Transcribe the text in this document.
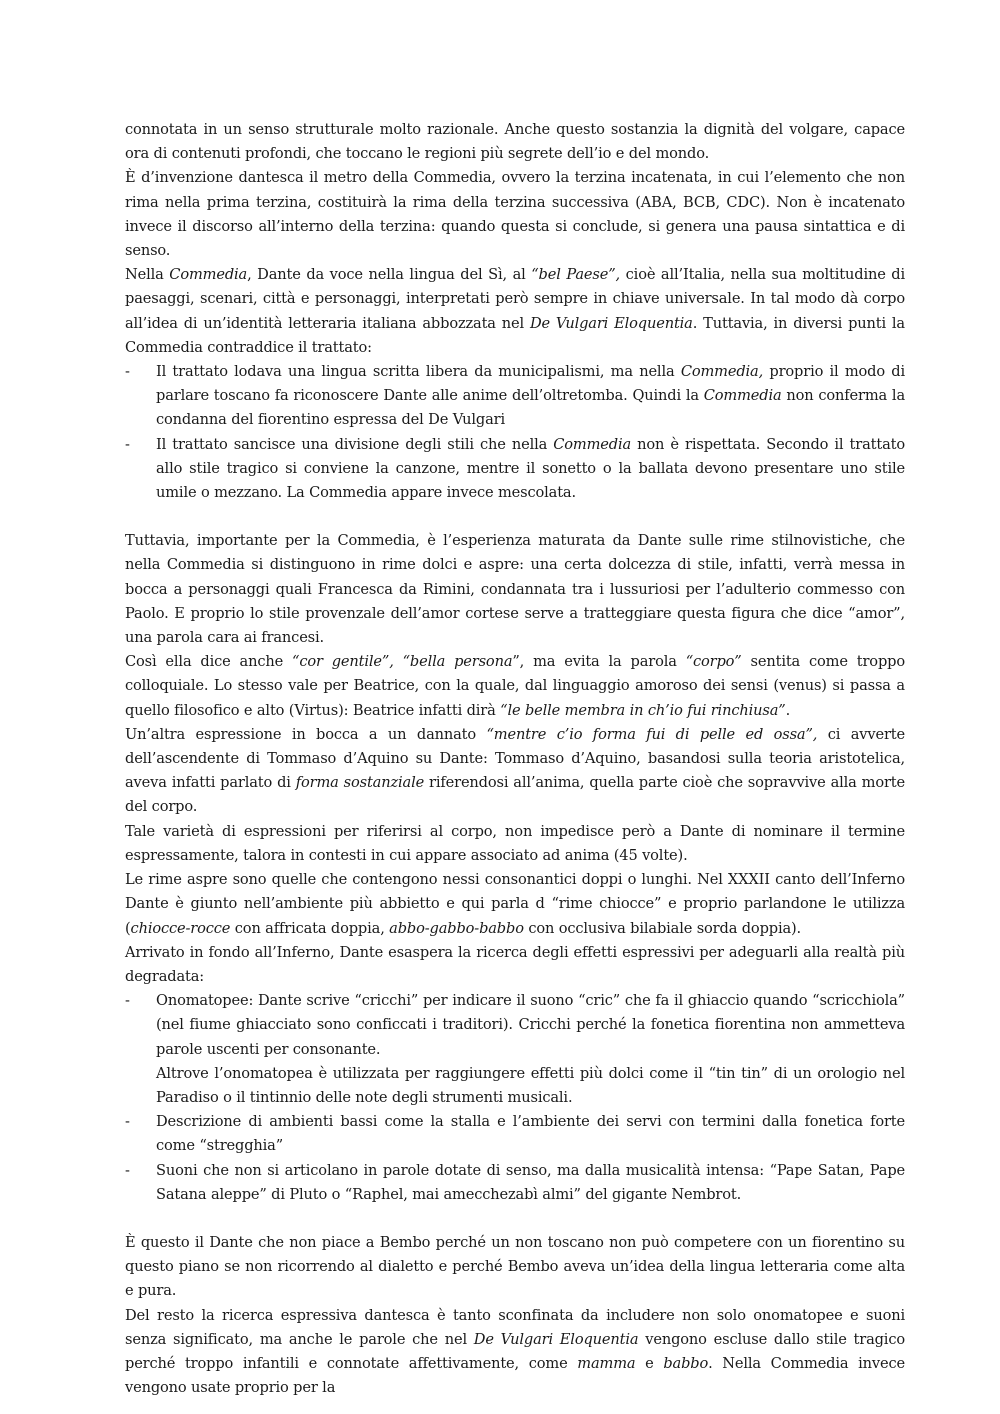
connotata in un senso strutturale molto razionale. Anche questo sostanzia la dignità del volgare, capace ora di contenuti profondi, che toccano le regioni più segrete dell’io e del mondo.

È d’invenzione dantesca il metro della Commedia, ovvero la terzina incatenata, in cui l’elemento che non rima nella prima terzina, costituirà la rima della terzina successiva (ABA, BCB, CDC). Non è incatenato invece il discorso all’interno della terzina: quando questa si conclude, si genera una pausa sintattica e di senso.

Nella Commedia, Dante da voce nella lingua del Sì, al “bel Paese”, cioè all’Italia, nella sua moltitudine di paesaggi, scenari, città e personaggi, interpretati però sempre in chiave universale. In tal modo dà corpo all’idea di un’identità letteraria italiana abbozzata nel De Vulgari Eloquentia. Tuttavia, in diversi punti la Commedia contraddice il trattato:

- Il trattato lodava una lingua scritta libera da municipalismi, ma nella Commedia, proprio il modo di parlare toscano fa riconoscere Dante alle anime dell’oltretomba. Quindi la Commedia non conferma la condanna del fiorentino espressa del De Vulgari
- Il trattato sancisce una divisione degli stili che nella Commedia non è rispettata. Secondo il trattato allo stile tragico si conviene la canzone, mentre il sonetto o la ballata devono presentare uno stile umile o mezzano. La Commedia appare invece mescolata.

Tuttavia, importante per la Commedia, è l’esperienza maturata da Dante sulle rime stilnovistiche, che nella Commedia si distinguono in rime dolci e aspre: una certa dolcezza di stile, infatti, verrà messa in bocca a personaggi quali Francesca da Rimini, condannata tra i lussuriosi per l’adulterio commesso con Paolo. E proprio lo stile provenzale dell’amor cortese serve a tratteggiare questa figura che dice “amor”, una parola cara ai francesi.

Così ella dice anche “cor gentile”, “bella persona”, ma evita la parola “corpo” sentita come troppo colloquiale. Lo stesso vale per Beatrice, con la quale, dal linguaggio amoroso dei sensi (venus) si passa a quello filosofico e alto (Virtus): Beatrice infatti dirà “le belle membra in ch’io fui rinchiusa”.

Un’altra espressione in bocca a un dannato “mentre c’io forma fui di pelle ed ossa”, ci avverte dell’ascendente di Tommaso d’Aquino su Dante: Tommaso d’Aquino, basandosi sulla teoria aristotelica, aveva infatti parlato di forma sostanziale riferendosi all’anima, quella parte cioè che sopravvive alla morte del corpo.

Tale varietà di espressioni per riferirsi al corpo, non impedisce però a Dante di nominare il termine espressamente, talora in contesti in cui appare associato ad anima (45 volte).

Le rime aspre sono quelle che contengono nessi consonantici doppi o lunghi. Nel XXXII canto dell’Inferno Dante è giunto nell’ambiente più abbietto e qui parla d “rime chiocce” e proprio parlandone le utilizza (chiocce-rocce con affricata doppia, abbo-gabbo-babbo con occlusiva bilabiale sorda doppia).

Arrivato in fondo all’Inferno, Dante esaspera la ricerca degli effetti espressivi per adeguarli alla realtà più degradata:

- Onomatopee: Dante scrive “cricchi” per indicare il suono “cric” che fa il ghiaccio quando “scricchiola” (nel fiume ghiacciato sono conficcati i traditori). Cricchi perché la fonetica fiorentina non ammetteva parole uscenti per consonante.
Altrove l’onomatopea è utilizzata per raggiungere effetti più dolci come il “tin tin” di un orologio nel Paradiso o il tintinnio delle note degli strumenti musicali.
- Descrizione di ambienti bassi come la stalla e l’ambiente dei servi con termini dalla fonetica forte come “stregghia”
- Suoni che non si articolano in parole dotate di senso, ma dalla musicalità intensa: “Pape Satan, Pape Satana aleppe” di Pluto o “Raphel, mai amecchezabì almi” del gigante Nembrot.

È questo il Dante che non piace a Bembo perché un non toscano non può competere con un fiorentino su questo piano se non ricorrendo al dialetto e perché Bembo aveva un’idea della lingua letteraria come alta e pura.

Del resto la ricerca espressiva dantesca è tanto sconfinata da includere non solo onomatopee e suoni senza significato, ma anche le parole che nel De Vulgari Eloquentia vengono escluse dallo stile tragico perché troppo infantili e connotate affettivamente, come mamma e babbo. Nella Commedia invece vengono usate proprio per la
